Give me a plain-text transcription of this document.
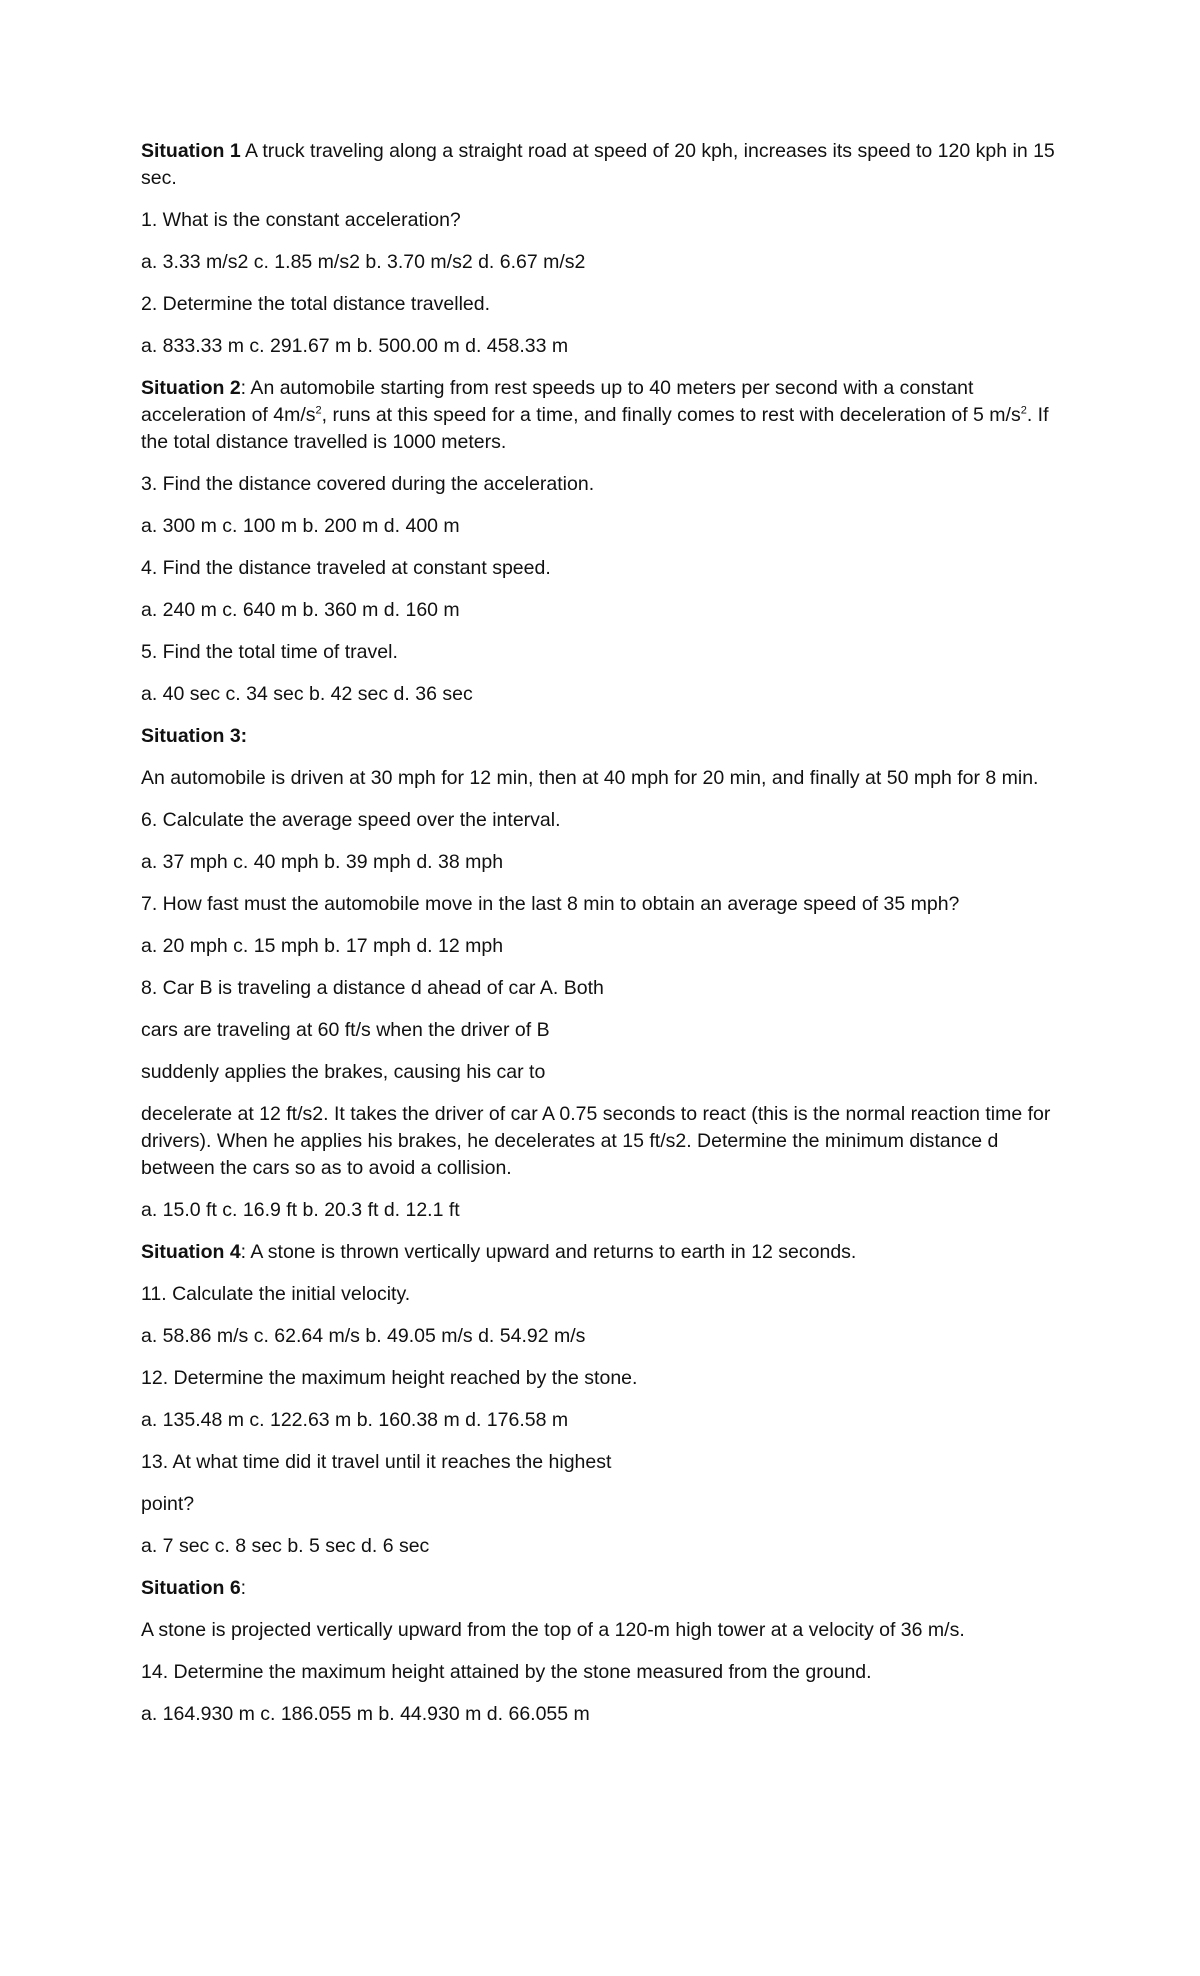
Situation 1 A truck traveling along a straight road at speed of 20 kph, increases its speed to 120 kph in 15 sec.

1. What is the constant acceleration?

a. 3.33 m/s2 c. 1.85 m/s2 b. 3.70 m/s2 d. 6.67 m/s2

2. Determine the total distance travelled.

a. 833.33 m c. 291.67 m b. 500.00 m d. 458.33 m

Situation 2: An automobile starting from rest speeds up to 40 meters per second with a constant acceleration of $4m/s^2$, runs at this speed for a time, and finally comes to rest with deceleration of 5 $m/s^2$. If the total distance travelled is 1000 meters.

3. Find the distance covered during the acceleration.

a. 300 m c. 100 m b. 200 m d. 400 m

4. Find the distance traveled at constant speed.

a. 240 m c. 640 m b. 360 m d. 160 m

5. Find the total time of travel.

a. 40 sec c. 34 sec b. 42 sec d. 36 sec

Situation 3:

An automobile is driven at 30 mph for 12 min, then at 40 mph for 20 min, and finally at 50 mph for 8 min.

6. Calculate the average speed over the interval.

a. 37 mph c. 40 mph b. 39 mph d. 38 mph

7. How fast must the automobile move in the last 8 min to obtain an average speed of 35 mph?

a. 20 mph c. 15 mph b. 17 mph d. 12 mph

8. Car B is traveling a distance d ahead of car A. Both

cars are traveling at 60 ft/s when the driver of B

suddenly applies the brakes, causing his car to

decelerate at 12 ft/s2. It takes the driver of car A 0.75 seconds to react (this is the normal reaction time for drivers). When he applies his brakes, he decelerates at 15 ft/s2. Determine the minimum distance d between the cars so as to avoid a collision.

a. 15.0 ft c. 16.9 ft b. 20.3 ft d. 12.1 ft

Situation 4: A stone is thrown vertically upward and returns to earth in 12 seconds.

11. Calculate the initial velocity.

a. 58.86 m/s c. 62.64 m/s b. 49.05 m/s d. 54.92 m/s

12. Determine the maximum height reached by the stone.

a. 135.48 m c. 122.63 m b. 160.38 m d. 176.58 m

13. At what time did it travel until it reaches the highest

point?

a. 7 sec c. 8 sec b. 5 sec d. 6 sec

Situation 6:

A stone is projected vertically upward from the top of a 120-m high tower at a velocity of 36 m/s.

14. Determine the maximum height attained by the stone measured from the ground.

a. 164.930 m c. 186.055 m b. 44.930 m d. 66.055 m
